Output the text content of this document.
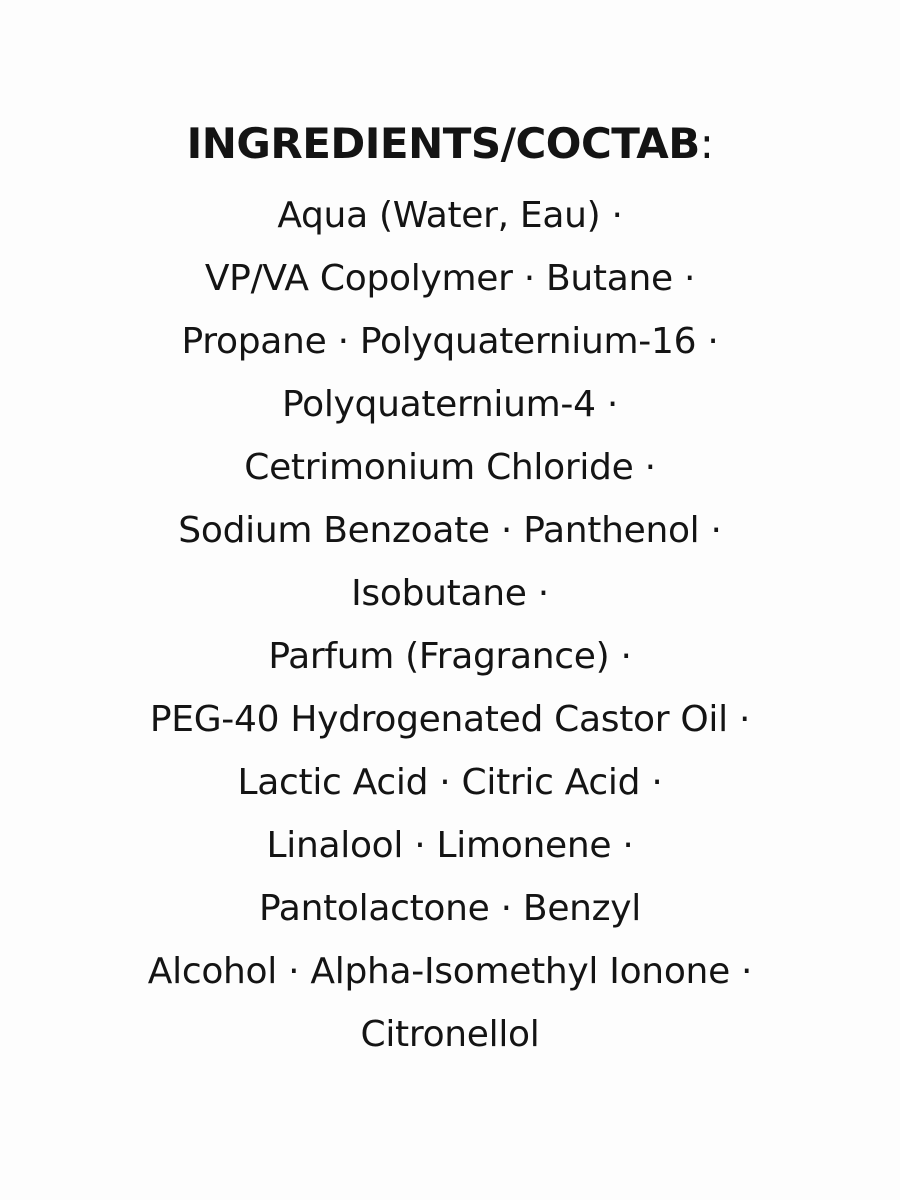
INGREDIENTS/COCTAB:
Aqua (Water, Eau) ·
VP/VA Copolymer · Butane ·
Propane · Polyquaternium-16 ·
Polyquaternium-4 ·
Cetrimonium Chloride ·
Sodium Benzoate · Panthenol ·
Isobutane ·
Parfum (Fragrance) ·
PEG-40 Hydrogenated Castor Oil ·
Lactic Acid · Citric Acid ·
Linalool · Limonene ·
Pantolactone · Benzyl
Alcohol · Alpha-Isomethyl Ionone ·
Citronellol
